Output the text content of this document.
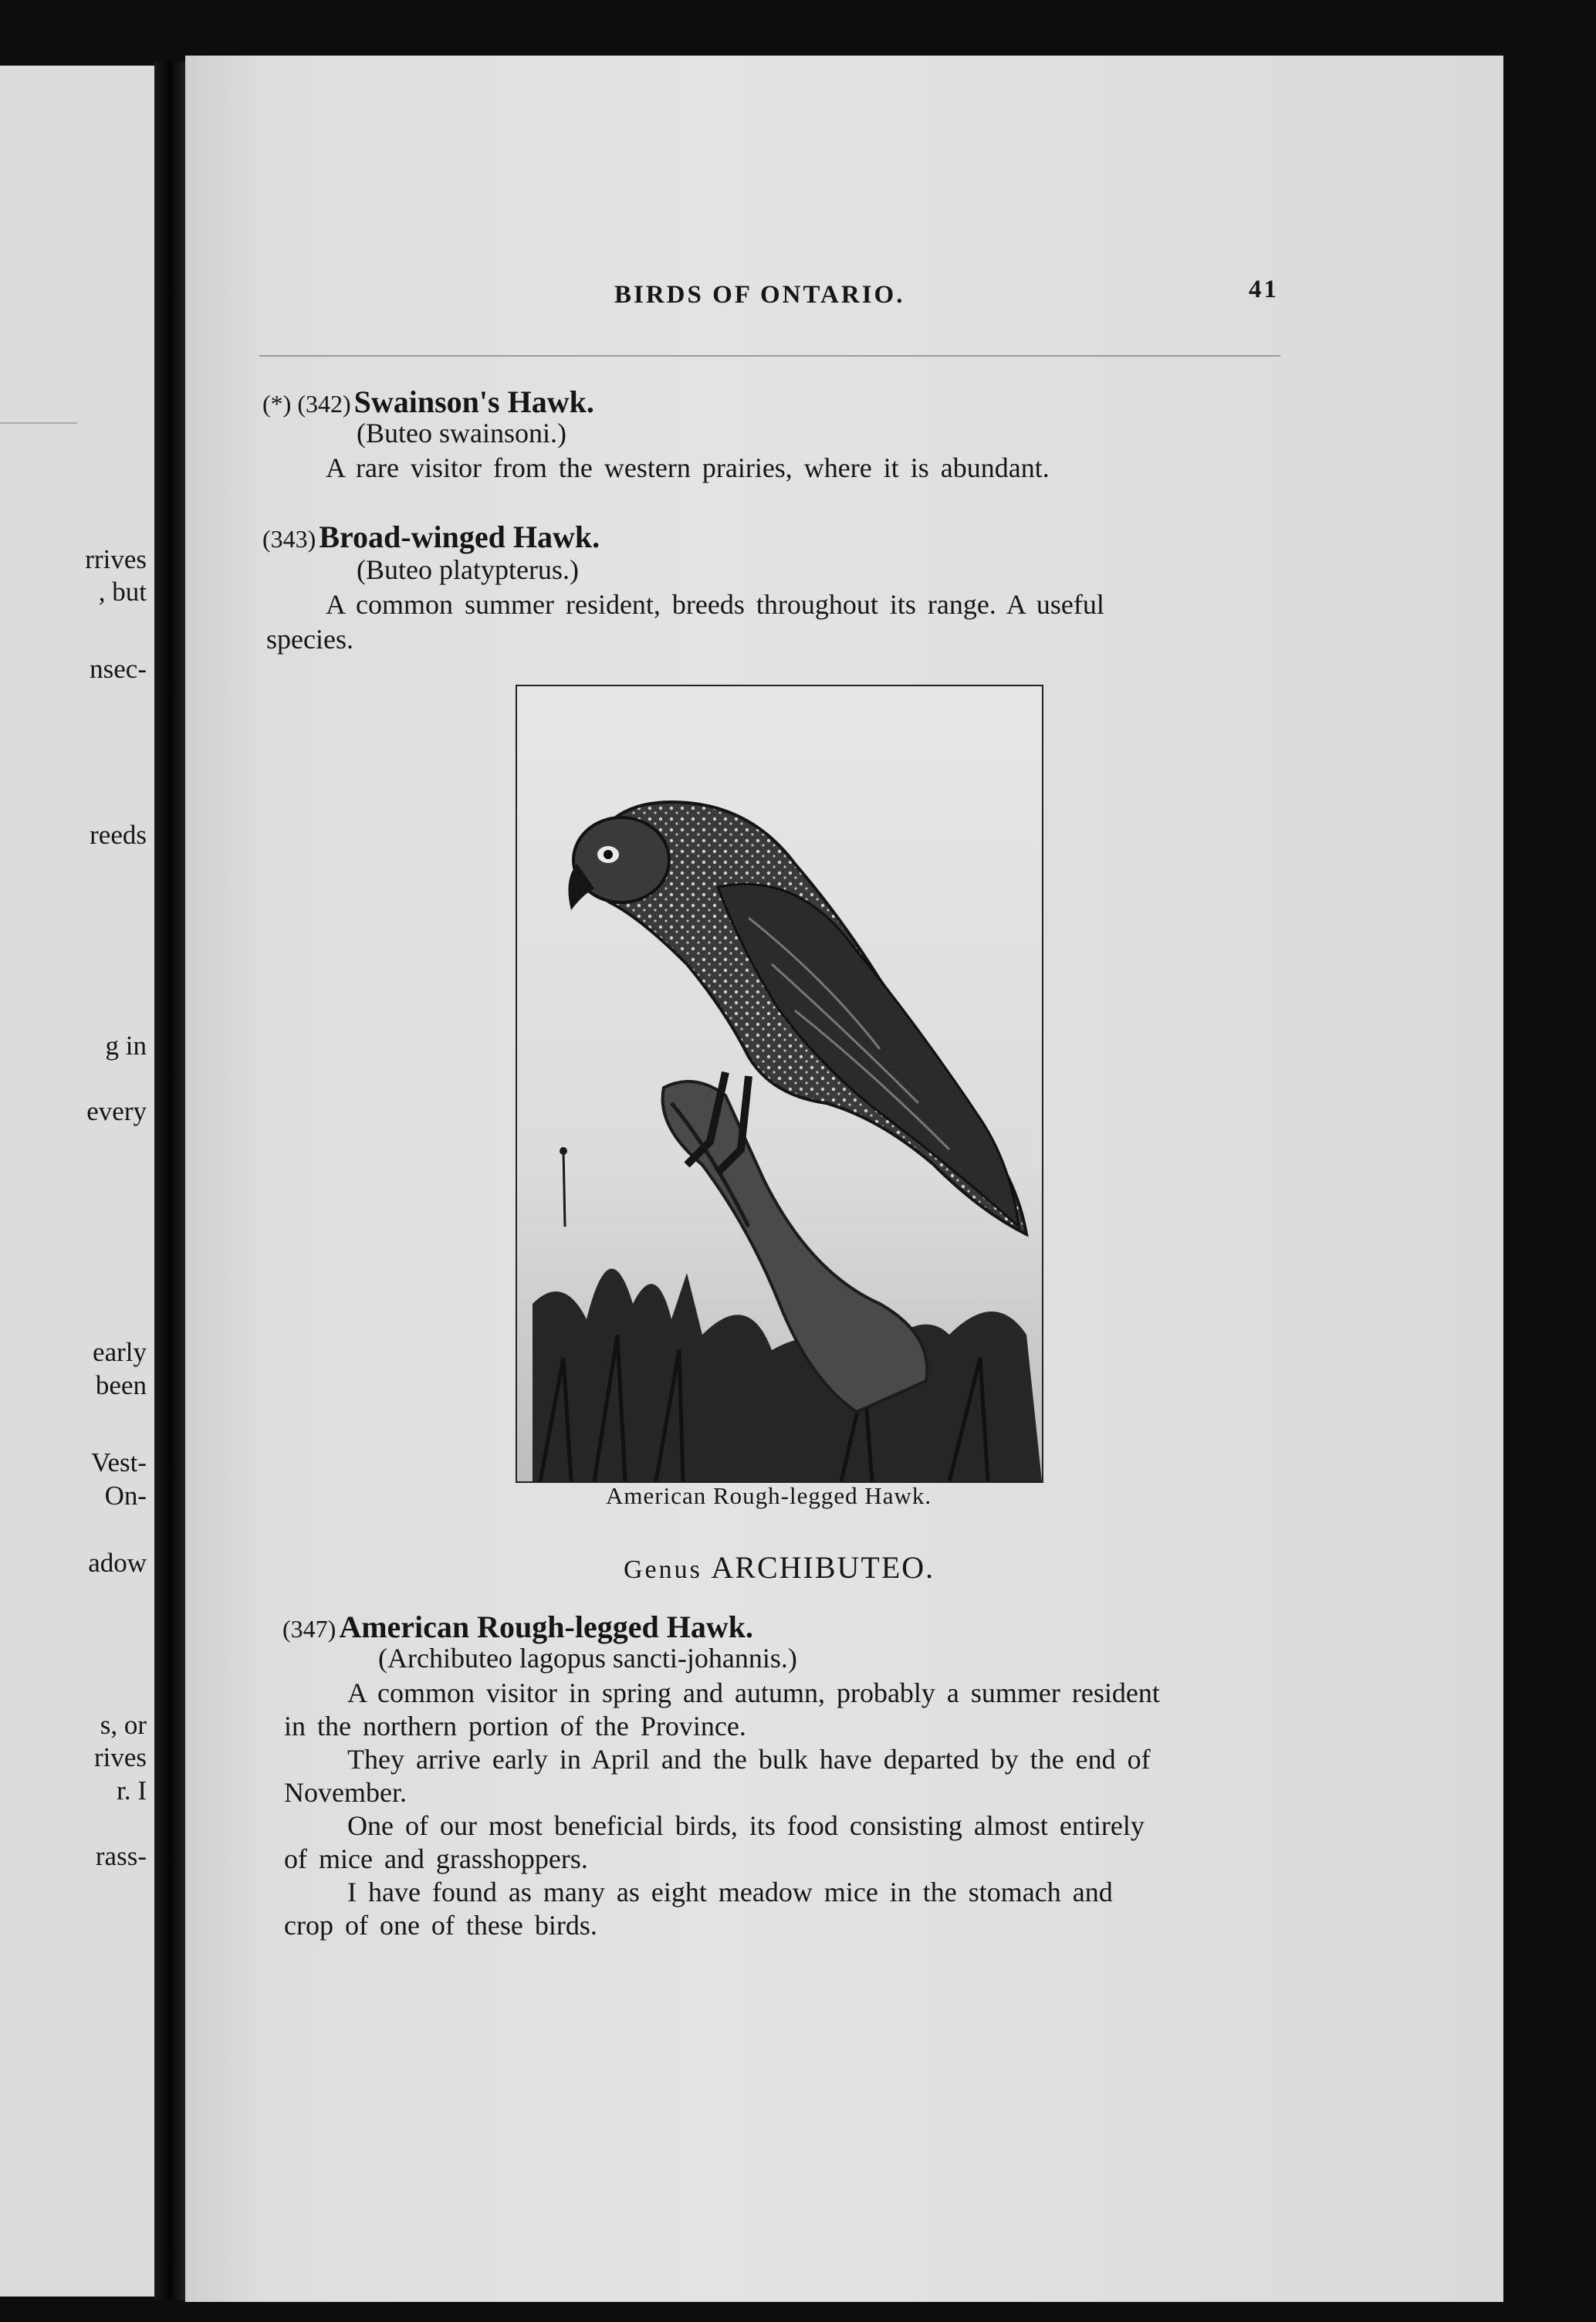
rrives
, but
nsec-
reeds
g in
every
early
been
Vest-
On-
adow
s, or
rives
r. I
rass-
BIRDS OF ONTARIO.	41
(*) (342) Swainson's Hawk.
(Buteo swainsoni.)
A rare visitor from the western prairies, where it is abundant.
(343) Broad-winged Hawk.
(Buteo platypterus.)
A common summer resident, breeds throughout its range. A useful
species.
American Rough-legged Hawk.
Genus ARCHIBUTEO.
(347) American Rough-legged Hawk.
(Archibuteo lagopus sancti-johannis.)
A common visitor in spring and autumn, probably a summer resident
in the northern portion of the Province.
They arrive early in April and the bulk have departed by the end of
November.
One of our most beneficial birds, its food consisting almost entirely
of mice and grasshoppers.
I have found as many as eight meadow mice in the stomach and
crop of one of these birds.
